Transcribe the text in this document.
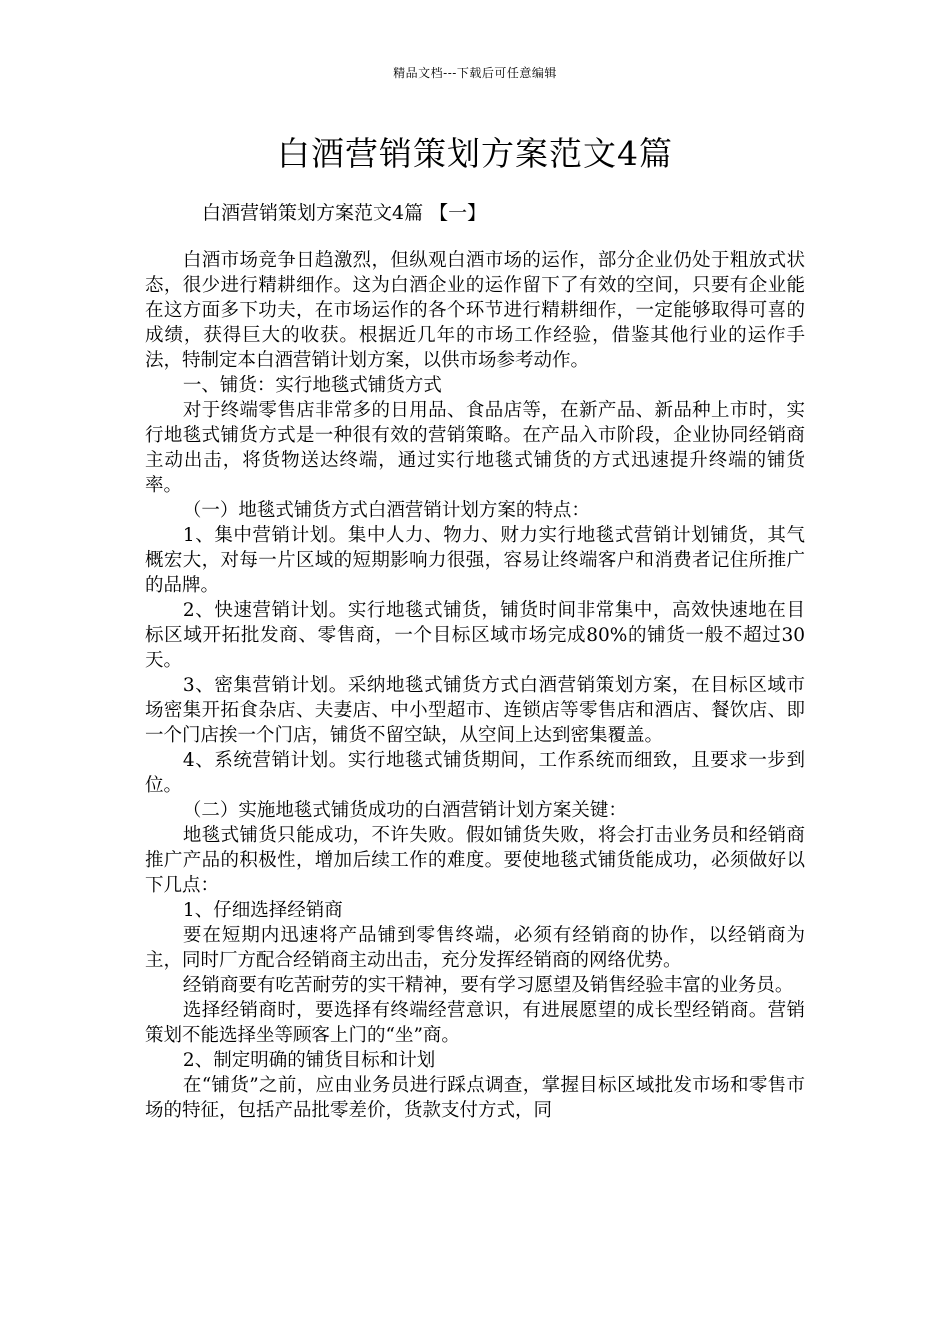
精品文档---下载后可任意编辑
白酒营销策划方案范文4篇
白酒营销策划方案范文4篇 【一】

白酒市场竞争日趋激烈，但纵观白酒市场的运作，部分企业仍处于粗放式状态，很少进行精耕细作。这为白酒企业的运作留下了有效的空间，只要有企业能在这方面多下功夫，在市场运作的各个环节进行精耕细作，一定能够取得可喜的成绩，获得巨大的收获。根据近几年的市场工作经验，借鉴其他行业的运作手法，特制定本白酒营销计划方案，以供市场参考动作。

一、铺货：实行地毯式铺货方式

对于终端零售店非常多的日用品、食品店等，在新产品、新品种上市时，实行地毯式铺货方式是一种很有效的营销策略。在产品入市阶段，企业协同经销商主动出击，将货物送达终端，通过实行地毯式铺货的方式迅速提升终端的铺货率。

（一）地毯式铺货方式白酒营销计划方案的特点：

1、集中营销计划。集中人力、物力、财力实行地毯式营销计划铺货，其气概宏大，对每一片区域的短期影响力很强，容易让终端客户和消费者记住所推广的品牌。

2、快速营销计划。实行地毯式铺货，铺货时间非常集中，高效快速地在目标区域开拓批发商、零售商，一个目标区域市场完成80%的铺货一般不超过30天。

3、密集营销计划。采纳地毯式铺货方式白酒营销策划方案，在目标区域市场密集开拓食杂店、夫妻店、中小型超市、连锁店等零售店和酒店、餐饮店、即一个门店挨一个门店，铺货不留空缺，从空间上达到密集覆盖。

4、系统营销计划。实行地毯式铺货期间，工作系统而细致，且要求一步到位。

（二）实施地毯式铺货成功的白酒营销计划方案关键：

地毯式铺货只能成功，不许失败。假如铺货失败，将会打击业务员和经销商推广产品的积极性，增加后续工作的难度。要使地毯式铺货能成功，必须做好以下几点：

1、仔细选择经销商

要在短期内迅速将产品铺到零售终端，必须有经销商的协作，以经销商为主，同时厂方配合经销商主动出击，充分发挥经销商的网络优势。

经销商要有吃苦耐劳的实干精神，要有学习愿望及销售经验丰富的业务员。

选择经销商时，要选择有终端经营意识，有进展愿望的成长型经销商。营销策划不能选择坐等顾客上门的“坐”商。

2、制定明确的铺货目标和计划

在“铺货”之前，应由业务员进行踩点调查，掌握目标区域批发市场和零售市场的特征，包括产品批零差价，货款支付方式，同
